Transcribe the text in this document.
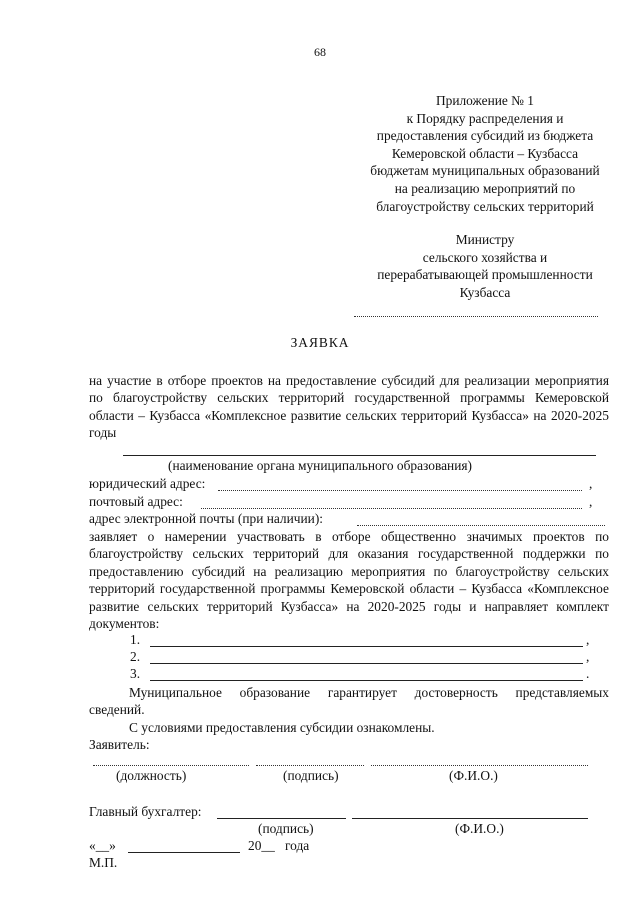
68
Приложение № 1
к Порядку распределения и
предоставления субсидий из бюджета
Кемеровской области – Кузбасса
бюджетам муниципальных образований
на реализацию мероприятий по
благоустройству сельских территорий
Министру
сельского хозяйства и
перерабатывающей промышленности
Кузбасса
ЗАЯВКА
на участие в отборе проектов на предоставление субсидий для реализации мероприятия по благоустройству сельских территорий государственной программы Кемеровской области – Кузбасса «Комплексное развитие сельских территорий Кузбасса» на 2020-2025 годы
(наименование органа муниципального образования)
юридический адрес:	,
почтовый адрес:	,
адрес электронной почты (при наличии):
заявляет о намерении участвовать в отборе общественно значимых проектов по благоустройству сельских территорий для оказания государственной поддержки по предоставлению субсидий на реализацию мероприятия по благоустройству сельских территорий государственной программы Кемеровской области – Кузбасса «Комплексное развитие сельских территорий Кузбасса» на 2020-2025 годы и направляет комплект документов:
1.	,
2.	,
3.	.
Муниципальное образование гарантирует достоверность представляемых сведений.
С условиями предоставления субсидии ознакомлены.
Заявитель:
(должность)	(подпись)	(Ф.И.О.)
Главный бухгалтер:
(подпись)	(Ф.И.О.)
«__»	20__ года
М.П.
